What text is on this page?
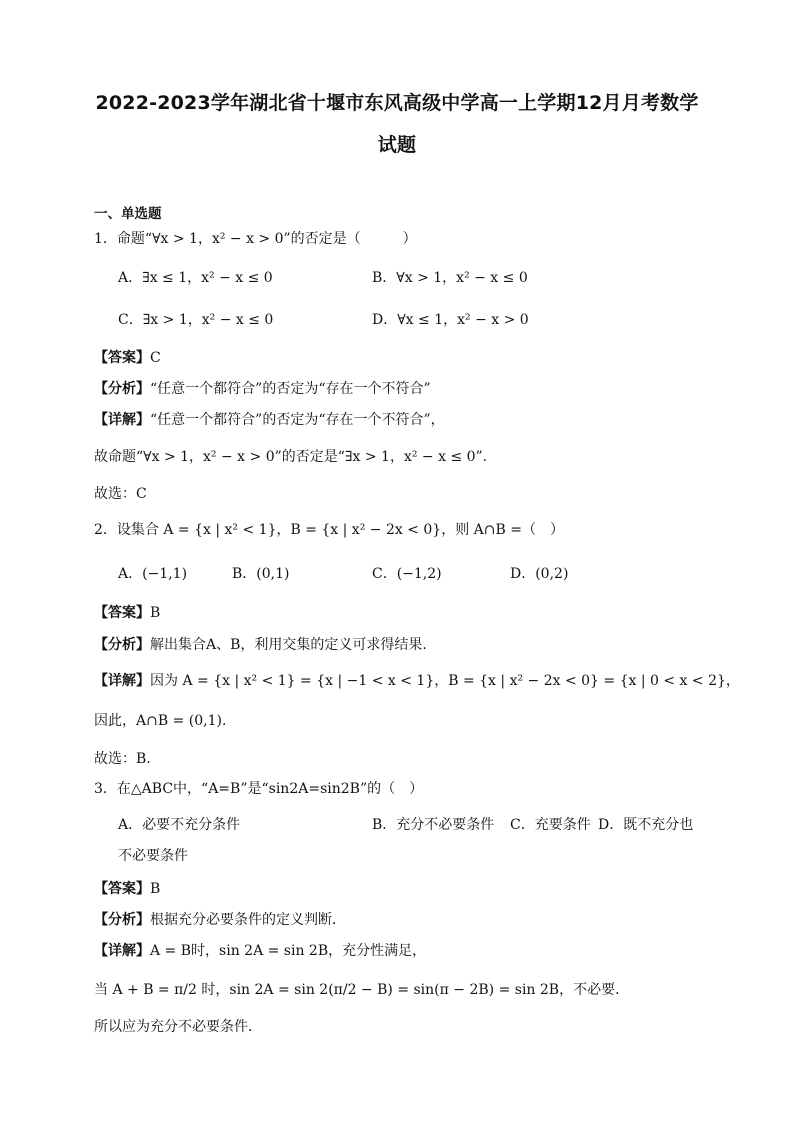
2022-2023学年湖北省十堰市东风高级中学高一上学期12月月考数学
试题
一、单选题
1．命题“∀x > 1，x² − x > 0”的否定是（　　　）
A．∃x ≤ 1，x² − x ≤ 0	B．∀x > 1，x² − x ≤ 0
C．∃x > 1，x² − x ≤ 0	D．∀x ≤ 1，x² − x > 0
【答案】C
【分析】“任意一个都符合”的否定为“存在一个不符合”
【详解】“任意一个都符合”的否定为“存在一个不符合”，
故命题“∀x > 1，x² − x > 0”的否定是“∃x > 1，x² − x ≤ 0”.
故选：C
2．设集合 A = {x | x² < 1}，B = {x | x² − 2x < 0}，则 A∩B =（　）
A．(−1,1)	B．(0,1)	C．(−1,2)	D．(0,2)
【答案】B
【分析】解出集合A、B，利用交集的定义可求得结果.
【详解】因为 A = {x | x² < 1} = {x | −1 < x < 1}，B = {x | x² − 2x < 0} = {x | 0 < x < 2}，
因此，A∩B = (0,1).
故选：B.
3．在△ABC中，“A=B”是“sin2A=sin2B”的（　）
A．必要不充分条件	B．充分不必要条件 C．充要条件 D．既不充分也
不必要条件
【答案】B
【分析】根据充分必要条件的定义判断．
【详解】A = B时，sin 2A = sin 2B，充分性满足，
当 A + B = π/2 时，sin 2A = sin 2(π/2 − B) = sin(π − 2B) = sin 2B，不必要．
所以应为充分不必要条件．
